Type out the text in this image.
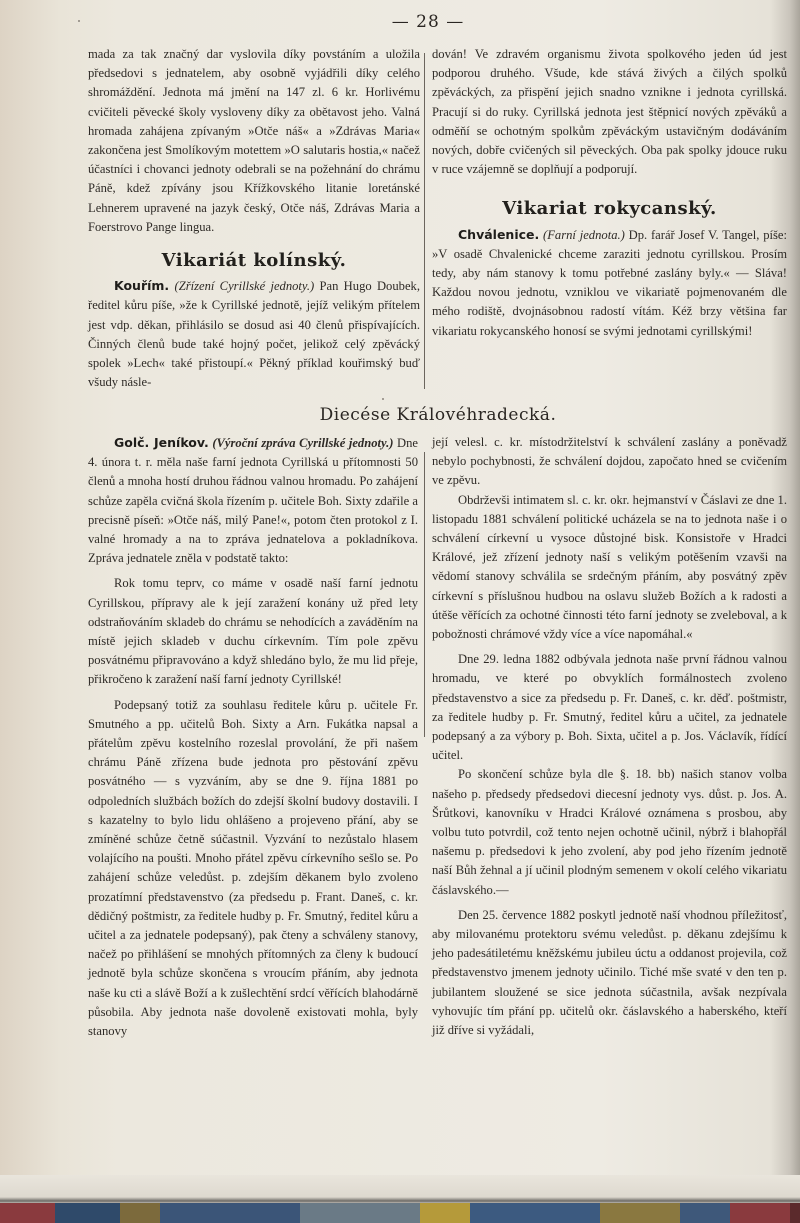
— 28 —

mada za tak značný dar vyslovila díky povstáním a uložila předsedovi s jednatelem, aby osobně vyjádřili díky celého shromáždění. Jednota má jmění na 147 zl. 6 kr. Horlivému cvičiteli pěvecké školy vysloveny díky za obětavost jeho. Valná hromada zahájena zpívaným »Otče náš« a »Zdrávas Maria« zakončena jest Smolíkovým motettem »O salutaris hostia,« načež účastníci i chovanci jednoty odebrali se na požehnání do chrámu Páně, kdež zpívány jsou Křížkovského litanie loretánské Lehnerem upravené na jazyk český, Otče náš, Zdrávas Maria a Foerstrovo Pange lingua.

Vikariát kolínský.

Kouřím. (Zřízení Cyrillské jednoty.) Pan Hugo Doubek, ředitel kůru píše, »že k Cyrillské jednotě, jejíž velikým přítelem jest vdp. děkan, přihlásilo se dosud asi 40 členů přispívajících. Činných členů bude také hojný počet, jelikož celý zpěvácký spolek »Lech« také přistoupí.« Pěkný příklad kouřimský buď všudy násle-

dován! Ve zdravém organismu života spolkového jeden úd jest podporou druhého. Všude, kde stává živých a čilých spolků zpěváckých, za přispění jejich snadno vznikne i jednota cyrillská. Pracují si do ruky. Cyrillská jednota jest štěpnicí nových zpěváků a odměňí se ochotným spolkům zpěváckým ustavičným dodáváním nových, dobře cvičených sil pěveckých. Oba pak spolky jdouce ruku v ruce vzájemně se doplňují a podporují.

Vikariat rokycanský.

Chválenice. (Farní jednota.) Dp. farář Josef V. Tangel, píše: »V osadě Chvalenické chceme zaraziti jednotu cyrillskou. Prosím tedy, aby nám stanovy k tomu potřebné zaslány byly.« — Sláva! Každou novou jednotu, vzniklou ve vikariatě pojmenovaném dle mého rodiště, dvojnásobnou radostí vítám. Kéž brzy většina far vikariatu rokycanského honosí se svými jednotami cyrillskými!

Diecése Královéhradecká.

Golč. Jeníkov. (Výroční zpráva Cyrillské jednoty.) Dne 4. února t. r. měla naše farní jednota Cyrillská u přítomnosti 50 členů a mnoha hostí druhou řádnou valnou hromadu. Po zahájení schůze zapěla cvičná škola řízením p. učitele Boh. Sixty zdařile a precisně píseň: »Otče náš, milý Pane!«, potom čten protokol z I. valné hromady a na to zpráva jednatelova a pokladníkova. Zpráva jednatele zněla v podstatě takto:

Rok tomu teprv, co máme v osadě naší farní jednotu Cyrillskou, přípravy ale k její zaražení konány už před lety odstraňováním skladeb do chrámu se nehodících a zaváděním na místě jejich skladeb v duchu církevním. Tím pole zpěvu posvátnému připravováno a když shledáno bylo, že mu lid přeje, přikročeno k zaražení naší farní jednoty Cyrillské!

Podepsaný totiž za souhlasu ředitele kůru p. učitele Fr. Smutného a pp. učitelů Boh. Sixty a Arn. Fukátka napsal a přátelům zpěvu kostelního rozeslal provolání, že při našem chrámu Páně zřízena bude jednota pro pěstování zpěvu posvátného — s vyzváním, aby se dne 9. října 1881 po odpoledních službách božích do zdejší školní budovy dostavili. I s kazatelny to bylo lidu ohlášeno a projeveno přání, aby se zmíněné schůze četně súčastnil. Vyzvání to nezůstalo hlasem volajícího na poušti. Mnoho přátel zpěvu církevního sešlo se. Po zahájení schůze veledůst. p. zdejším děkanem bylo zvoleno prozatímní představenstvo (za předsedu p. Frant. Daneš, c. kr. dědičný poštmistr, za ředitele hudby p. Fr. Smutný, ředitel kůru a učitel a za jednatele podepsaný), pak čteny a schváleny stanovy, načež po přihlášení se mnohých přítomných za členy k budoucí jednotě byla schůze skončena s vroucím přáním, aby jednota naše ku cti a slávě Boží a k zušlechtění srdcí věřících blahodárně působila. Aby jednota naše dovoleně existovati mohla, byly stanovy

její velesl. c. kr. místodržitelství k schválení zaslány a poněvadž nebylo pochybnosti, že schválení dojdou, započato hned se cvičením ve zpěvu.

Obdrževši intimatem sl. c. kr. okr. hejmanství v Čáslavi ze dne 1. listopadu 1881 schválení politické ucházela se na to jednota naše i o schválení církevní u vysoce důstojné bisk. Konsistoře v Hradci Králové, jež zřízení jednoty naší s velikým potěšením vzavši na vědomí stanovy schválila se srdečným přáním, aby posvátný zpěv církevní s příslušnou hudbou na oslavu služeb Božích a k radosti a útěše věřících za ochotné činnosti této farní jednoty se zveleboval, a k pobožnosti chrámové vždy více a více napomáhal.«

Dne 29. ledna 1882 odbývala jednota naše první řádnou valnou hromadu, ve které po obvyklích formálnostech zvoleno představenstvo a sice za předsedu p. Fr. Daneš, c. kr. děď. poštmistr, za ředitele hudby p. Fr. Smutný, ředitel kůru a učitel, za jednatele podepsaný a za výbory p. Boh. Sixta, učitel a p. Jos. Václavík, řídící učitel.

Po skončení schůze byla dle §. 18. bb) našich stanov volba našeho p. předsedy předsedovi diecesní jednoty vys. důst. p. Jos. A. Šrůtkovi, kanovníku v Hradci Králové oznámena s prosbou, aby volbu tuto potvrdil, což tento nejen ochotně učinil, nýbrž i blahopřál našemu p. předsedovi k jeho zvolení, aby pod jeho řízením jednotě naší Bůh žehnal a jí učinil plodným semenem v okolí celého vikariatu čáslavského.—

Den 25. července 1882 poskytl jednotě naší vhodnou příležitosť, aby milovanému protektoru svému veledůst. p. děkanu zdejšímu k jeho padesátiletému kněžskému jubileu úctu a oddanost projevila, což představenstvo jmenem jednoty učinilo. Tiché mše svaté v den ten p. jubilantem sloužené se sice jednota súčastnila, avšak nezpívala vyhovujíc tím přání pp. učitelů okr. čáslavského a haberského, kteří již dříve si vyžádali,
